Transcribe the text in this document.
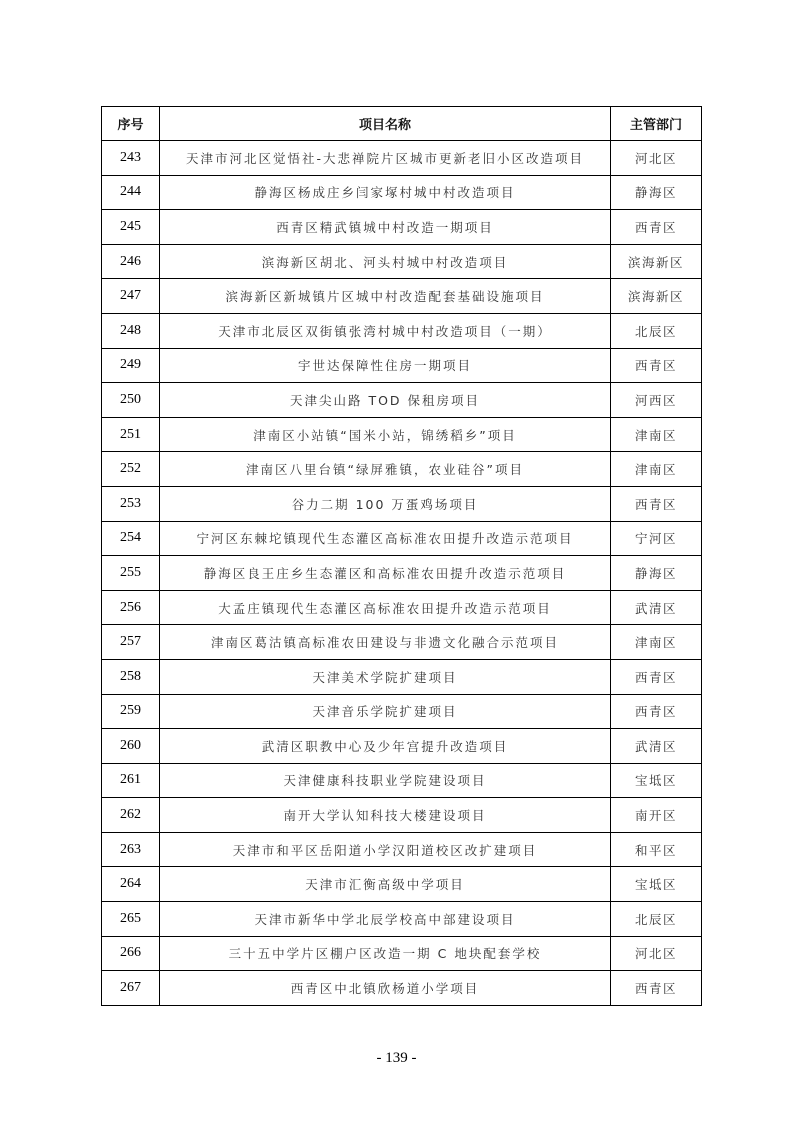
序号	项目名称	主管部门
243	天津市河北区觉悟社-大悲禅院片区城市更新老旧小区改造项目	河北区
244	静海区杨成庄乡闫家塚村城中村改造项目	静海区
245	西青区精武镇城中村改造一期项目	西青区
246	滨海新区胡北、河头村城中村改造项目	滨海新区
247	滨海新区新城镇片区城中村改造配套基础设施项目	滨海新区
248	天津市北辰区双街镇张湾村城中村改造项目（一期）	北辰区
249	宇世达保障性住房一期项目	西青区
250	天津尖山路 TOD 保租房项目	河西区
251	津南区小站镇“国米小站，锦绣稻乡”项目	津南区
252	津南区八里台镇“绿屏雅镇，农业硅谷”项目	津南区
253	谷力二期 100 万蛋鸡场项目	西青区
254	宁河区东棘坨镇现代生态灌区高标准农田提升改造示范项目	宁河区
255	静海区良王庄乡生态灌区和高标准农田提升改造示范项目	静海区
256	大孟庄镇现代生态灌区高标准农田提升改造示范项目	武清区
257	津南区葛沽镇高标准农田建设与非遗文化融合示范项目	津南区
258	天津美术学院扩建项目	西青区
259	天津音乐学院扩建项目	西青区
260	武清区职教中心及少年宫提升改造项目	武清区
261	天津健康科技职业学院建设项目	宝坻区
262	南开大学认知科技大楼建设项目	南开区
263	天津市和平区岳阳道小学汉阳道校区改扩建项目	和平区
264	天津市汇衡高级中学项目	宝坻区
265	天津市新华中学北辰学校高中部建设项目	北辰区
266	三十五中学片区棚户区改造一期 C 地块配套学校	河北区
267	西青区中北镇欣杨道小学项目	西青区
- 139 -
